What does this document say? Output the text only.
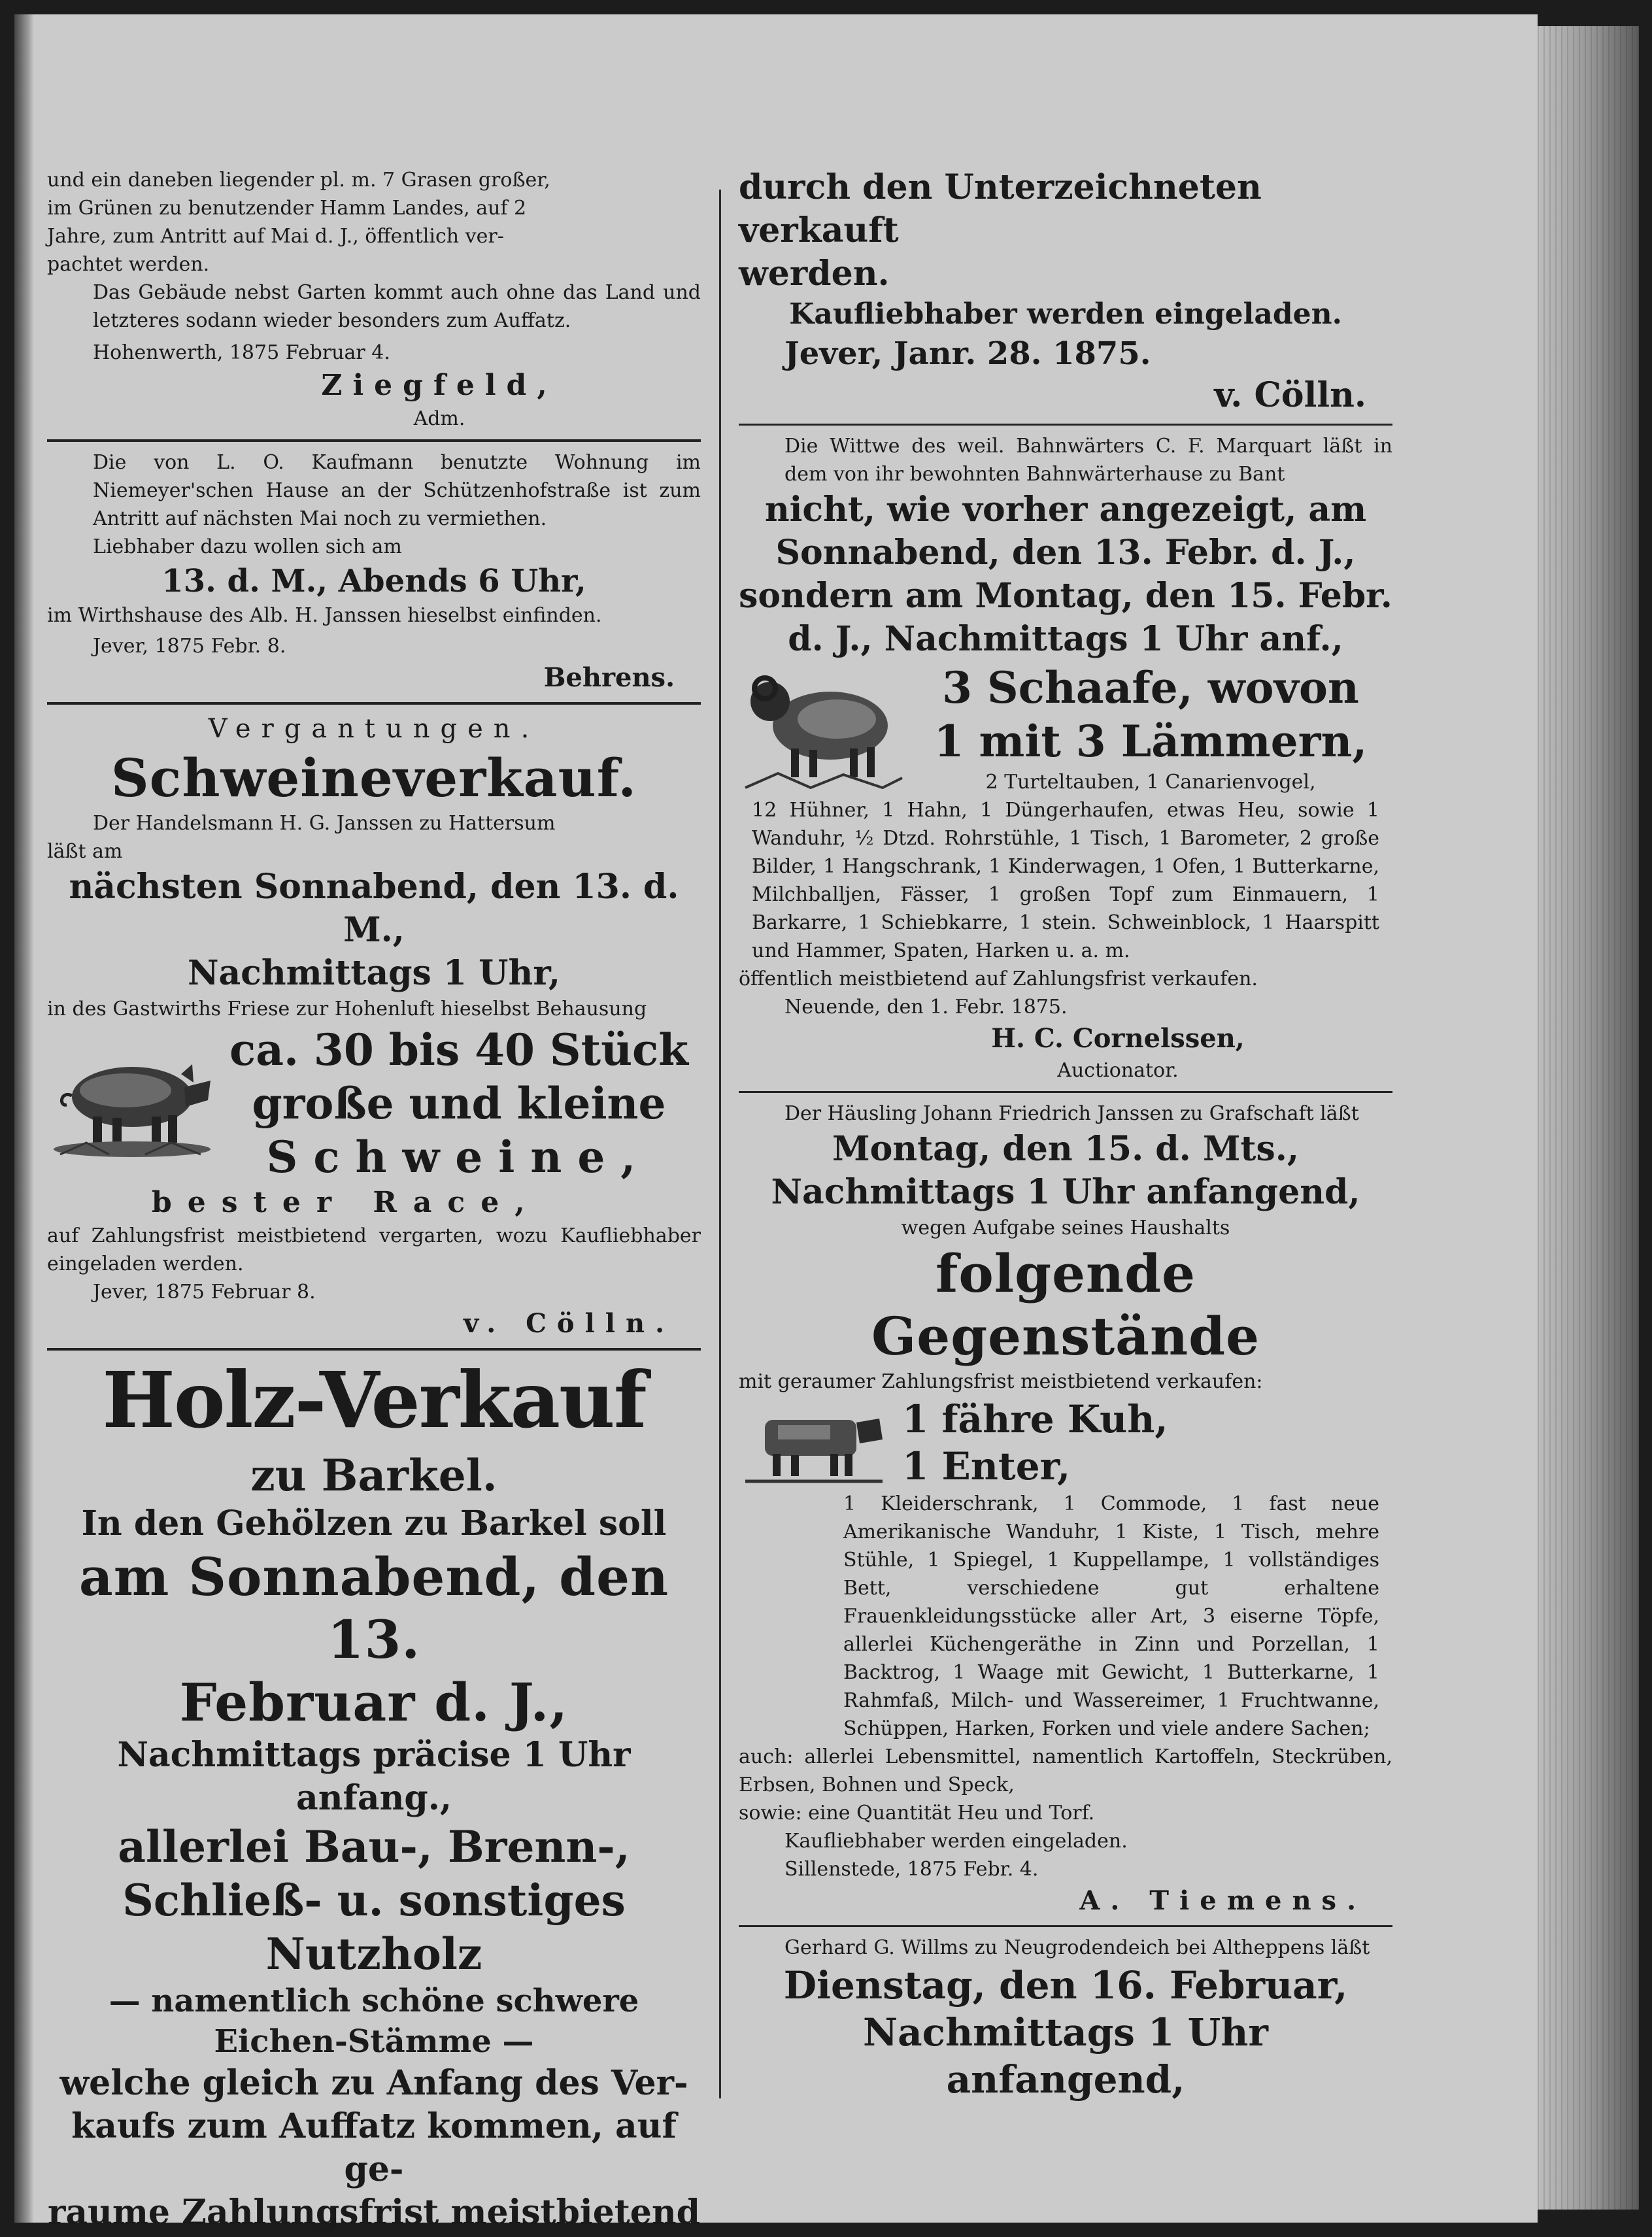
und ein daneben liegender pl. m. 7 Grasen großer,

im Grünen zu benutzender Hamm Landes, auf 2

Jahre, zum Antritt auf Mai d. J., öffentlich ver-

pachtet werden.

Das Gebäude nebst Garten kommt auch ohne das Land und letzteres sodann wieder besonders zum Auffatz.

Hohenwerth, 1875 Februar 4.

Ziegfeld,

Adm.

Die von L. O. Kaufmann benutzte Wohnung im Niemeyer'schen Hause an der Schützenhofstraße ist zum Antritt auf nächsten Mai noch zu vermiethen.

Liebhaber dazu wollen sich am

13. d. M., Abends 6 Uhr,

im Wirthshause des Alb. H. Janssen hieselbst einfinden.

Jever, 1875 Febr. 8.

Behrens.

Vergantungen.

Schweineverkauf.

Der Handelsmann H. G. Janssen zu Hattersum

läßt am

nächsten Sonnabend, den 13. d. M.,

Nachmittags 1 Uhr,

in des Gastwirths Friese zur Hohenluft hieselbst Behausung

ca. 30 bis 40 Stück

große und kleine

Schweine,

bester Race,

auf Zahlungsfrist meistbietend vergarten, wozu Kaufliebhaber eingeladen werden.

Jever, 1875 Februar 8.

v. Cölln.

Holz-Verkauf

zu Barkel.

In den Gehölzen zu Barkel soll

am Sonnabend, den 13.

Februar d. J.,

Nachmittags präcise 1 Uhr anfang.,

allerlei Bau-, Brenn-,

Schließ- u. sonstiges Nutzholz

— namentlich schöne schwere

Eichen-Stämme —

welche gleich zu Anfang des Ver-

kaufs zum Auffatz kommen, auf ge-

raume Zahlungsfrist meistbietend

durch den Unterzeichneten verkauft

werden.

Kaufliebhaber werden eingeladen.

Jever, Janr. 28. 1875.

v. Cölln.

Die Wittwe des weil. Bahnwärters C. F. Marquart läßt in dem von ihr bewohnten Bahnwärterhause zu Bant

nicht, wie vorher angezeigt, am

Sonnabend, den 13. Febr. d. J.,

sondern am Montag, den 15. Febr.

d. J., Nachmittags 1 Uhr anf.,

3 Schaafe, wovon

1 mit 3 Lämmern,

2 Turteltauben, 1 Canarienvogel,

12 Hühner, 1 Hahn, 1 Düngerhaufen, etwas Heu, sowie 1 Wanduhr, ½ Dtzd. Rohrstühle, 1 Tisch, 1 Barometer, 2 große Bilder, 1 Hangschrank, 1 Kinderwagen, 1 Ofen, 1 Butterkarne, Milchballjen, Fässer, 1 großen Topf zum Einmauern, 1 Barkarre, 1 Schiebkarre, 1 stein. Schweinblock, 1 Haarspitt und Hammer, Spaten, Harken u. a. m.

öffentlich meistbietend auf Zahlungsfrist verkaufen.

Neuende, den 1. Febr. 1875.

H. C. Cornelssen,

Auctionator.

Der Häusling Johann Friedrich Janssen zu Grafschaft läßt

Montag, den 15. d. Mts.,

Nachmittags 1 Uhr anfangend,

wegen Aufgabe seines Haushalts

folgende Gegenstände

mit geraumer Zahlungsfrist meistbietend verkaufen:

1 fähre Kuh,

1 Enter,

1 Kleiderschrank, 1 Commode, 1 fast neue Amerikanische Wanduhr, 1 Kiste, 1 Tisch, mehre Stühle, 1 Spiegel, 1 Kuppellampe, 1 vollständiges Bett, verschiedene gut erhaltene Frauenkleidungsstücke aller Art, 3 eiserne Töpfe, allerlei Küchengeräthe in Zinn und Porzellan, 1 Backtrog, 1 Waage mit Gewicht, 1 Butterkarne, 1 Rahmfaß, Milch- und Wassereimer, 1 Fruchtwanne, Schüppen, Harken, Forken und viele andere Sachen;

auch: allerlei Lebensmittel, namentlich Kartoffeln, Steckrüben, Erbsen, Bohnen und Speck,

sowie: eine Quantität Heu und Torf.

Kaufliebhaber werden eingeladen.

Sillenstede, 1875 Febr. 4.

A. Tiemens.

Gerhard G. Willms zu Neugrodendeich bei Altheppens läßt

Dienstag, den 16. Februar,

Nachmittags 1 Uhr anfangend,
